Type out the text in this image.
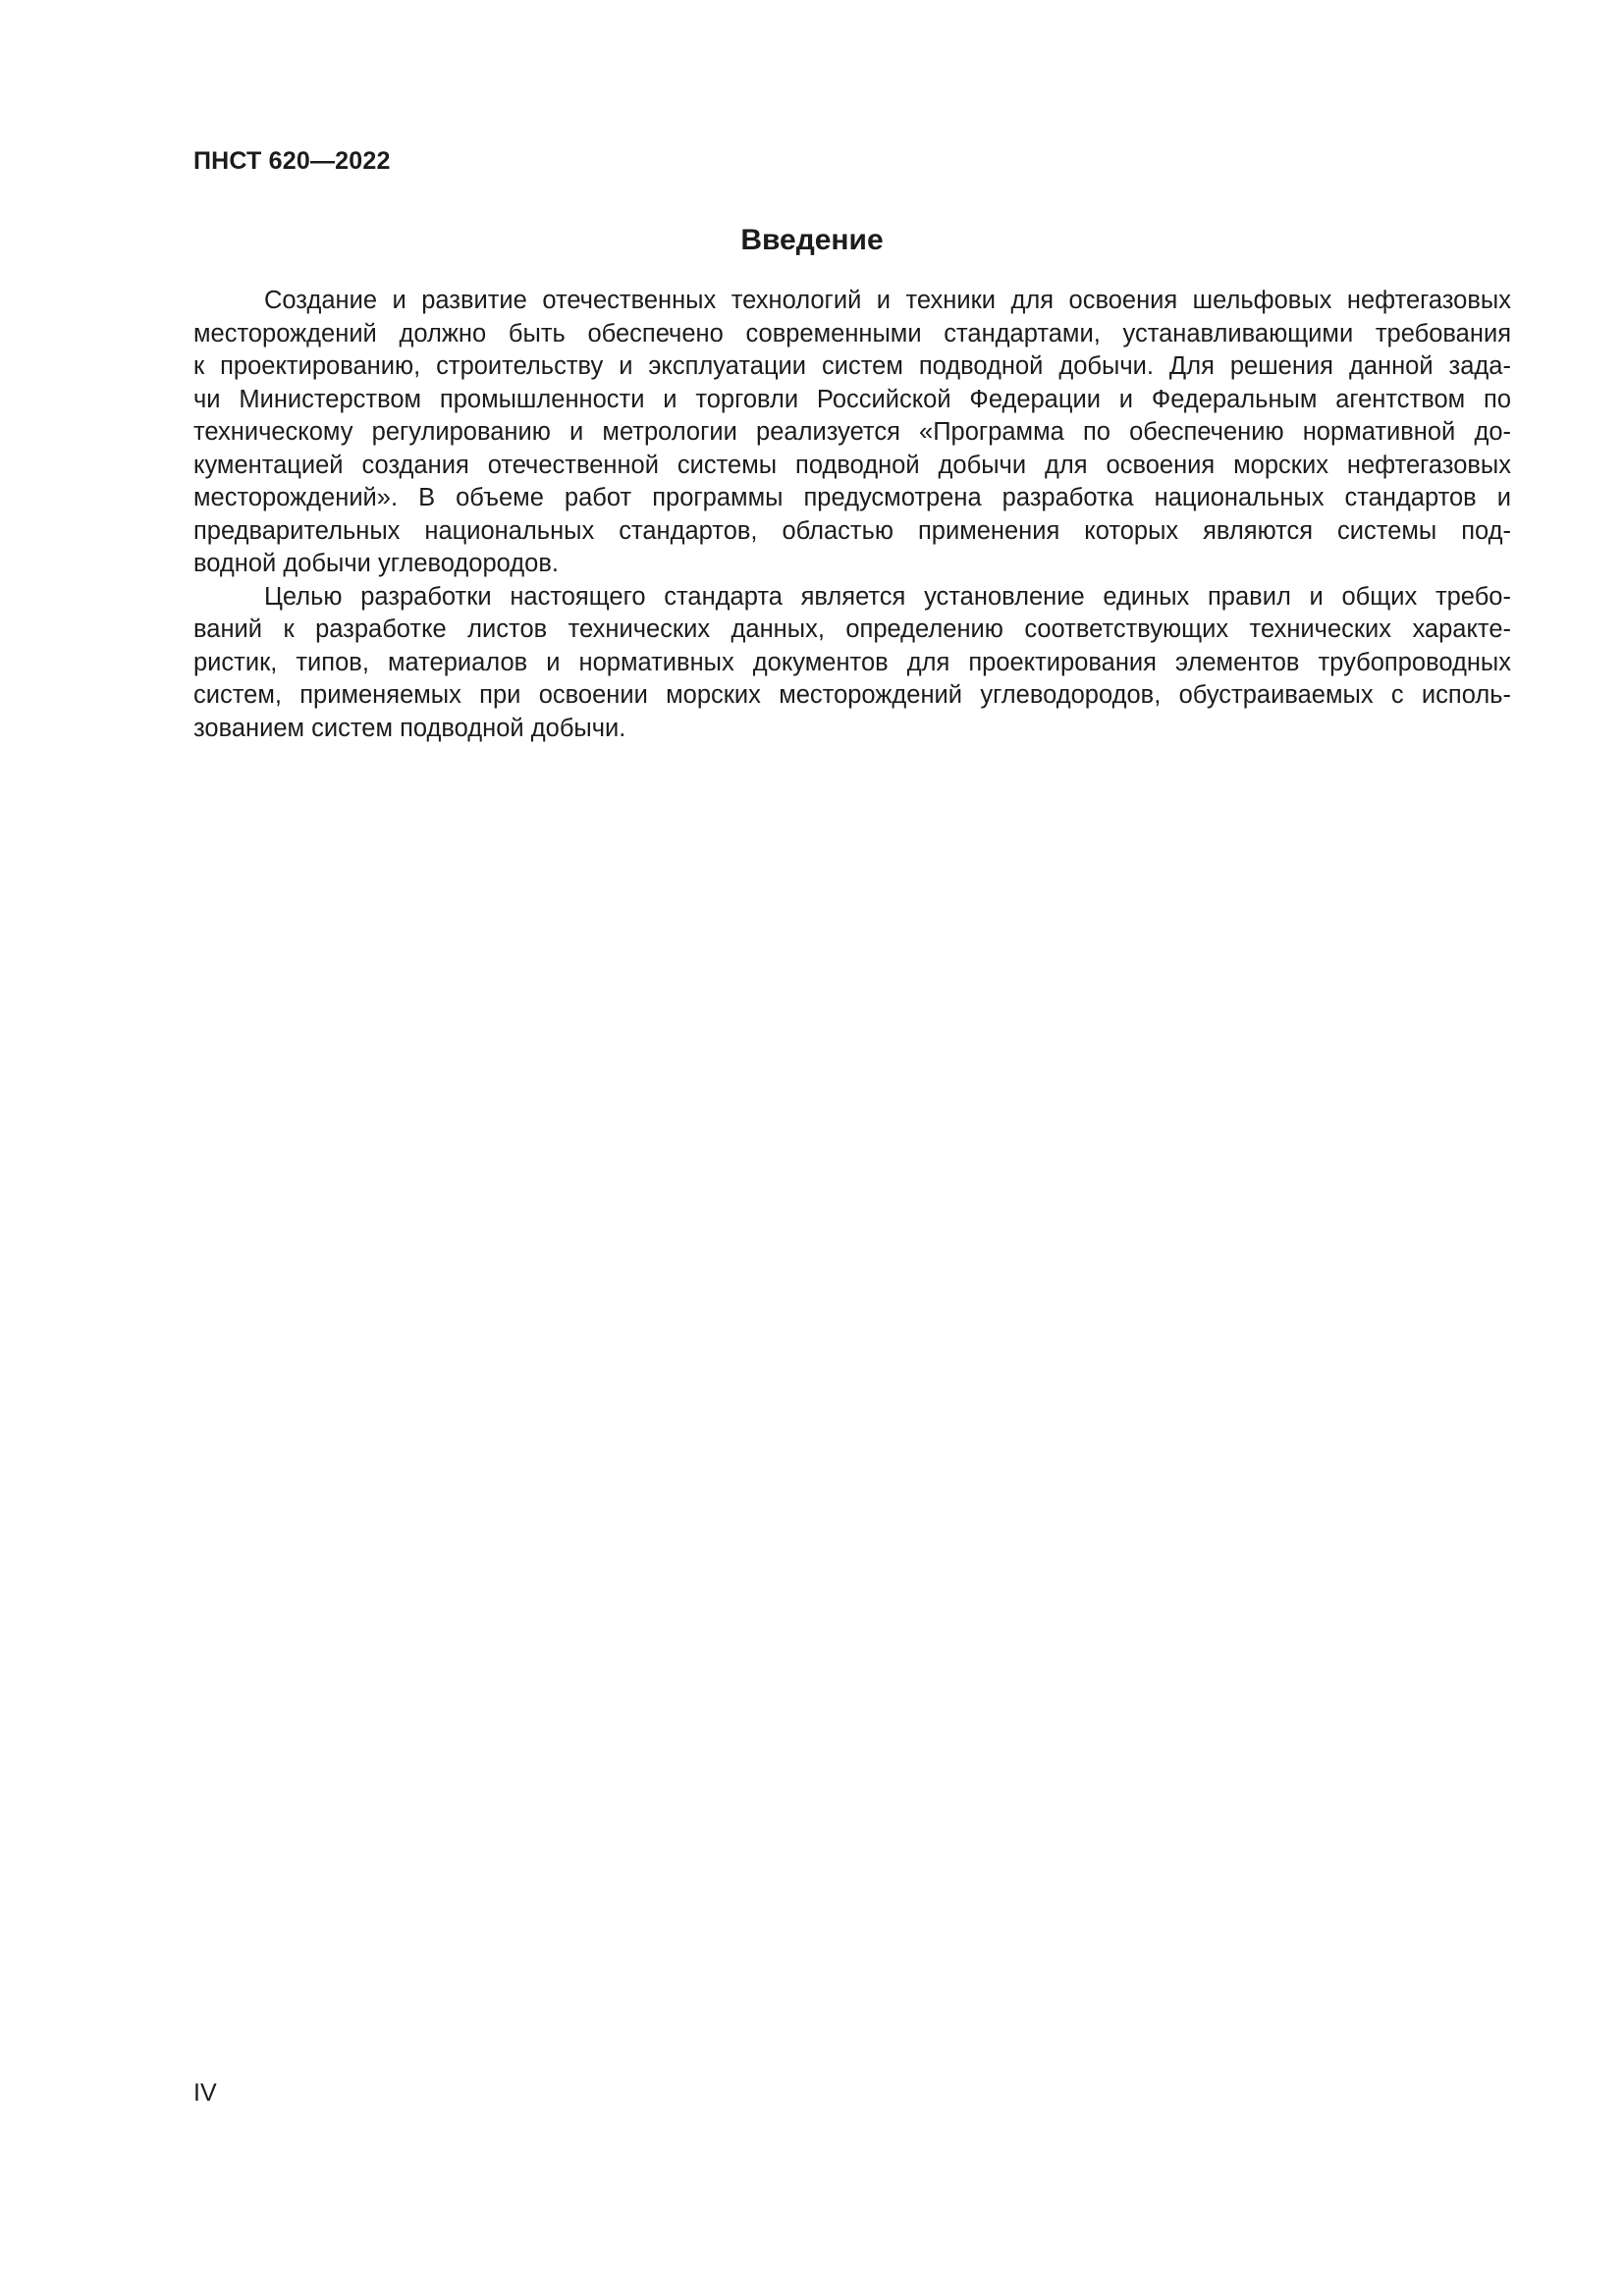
ПНСТ 620—2022
Введение
Создание и развитие отечественных технологий и техники для освоения шельфовых нефтегазовых
месторождений должно быть обеспечено современными стандартами, устанавливающими требования
к проектированию, строительству и эксплуатации систем подводной добычи. Для решения данной зада-
чи Министерством промышленности и торговли Российской Федерации и Федеральным агентством по
техническому регулированию и метрологии реализуется «Программа по обеспечению нормативной до-
кументацией создания отечественной системы подводной добычи для освоения морских нефтегазовых
месторождений». В объеме работ программы предусмотрена разработка национальных стандартов и
предварительных национальных стандартов, областью применения которых являются системы под-
водной добычи углеводородов.
Целью разработки настоящего стандарта является установление единых правил и общих требо-
ваний к разработке листов технических данных, определению соответствующих технических характе-
ристик, типов, материалов и нормативных документов для проектирования элементов трубопроводных
систем, применяемых при освоении морских месторождений углеводородов, обустраиваемых с исполь-
зованием систем подводной добычи.
IV
